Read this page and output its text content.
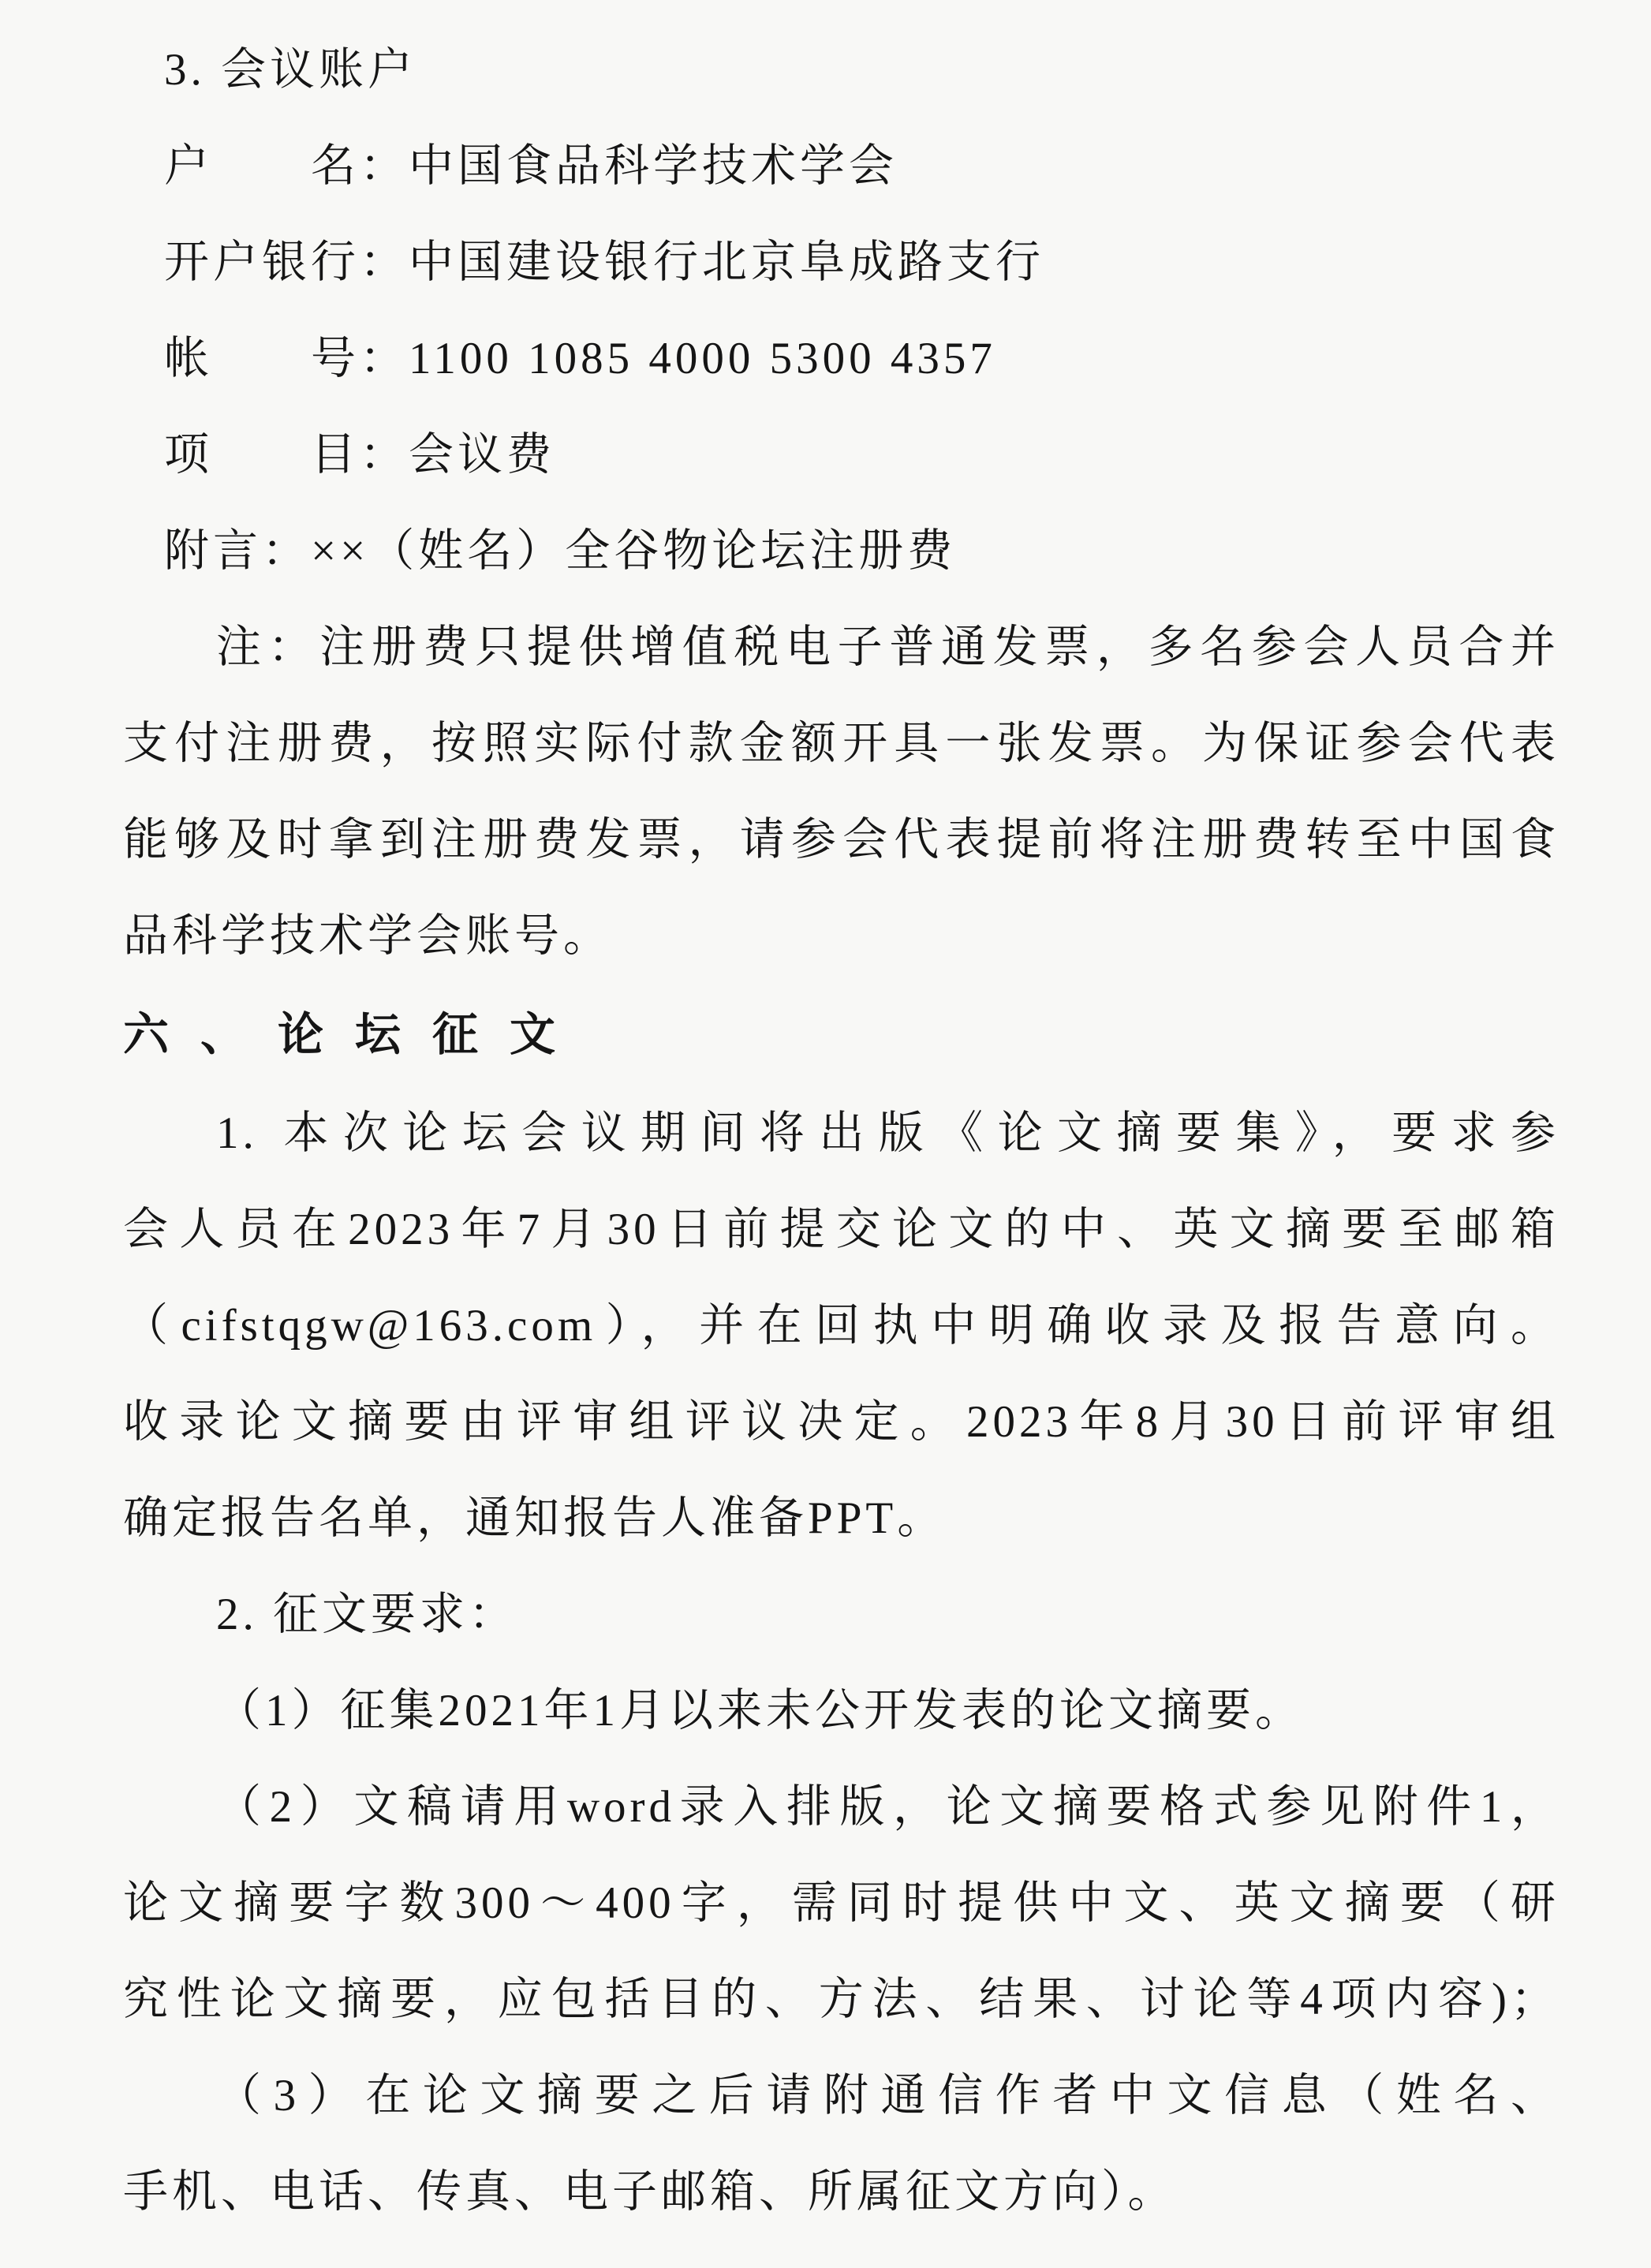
3. 会议账户
户　　名：中国食品科学技术学会
开户银行：中国建设银行北京阜成路支行
帐　　号：1100 1085 4000 5300 4357
项　　目：会议费
附言：××（姓名）全谷物论坛注册费
注：注册费只提供增值税电子普通发票，多名参会人员合并
支付注册费，按照实际付款金额开具一张发票。为保证参会代表
能够及时拿到注册费发票，请参会代表提前将注册费转至中国食
品科学技术学会账号。
六、论坛征文
1. 本次论坛会议期间将出版《论文摘要集》，要求参
会人员在2023年7月30日前提交论文的中、英文摘要至邮箱
（cifstqgw@163.com），并在回执中明确收录及报告意向。
收录论文摘要由评审组评议决定。2023年8月30日前评审组
确定报告名单，通知报告人准备PPT。
2. 征文要求：
（1）征集2021年1月以来未公开发表的论文摘要。
（2）文稿请用word录入排版，论文摘要格式参见附件1，
论文摘要字数300～400字，需同时提供中文、英文摘要（研
究性论文摘要，应包括目的、方法、结果、讨论等4项内容)；
（3）在论文摘要之后请附通信作者中文信息（姓名、
手机、电话、传真、电子邮箱、所属征文方向）。
